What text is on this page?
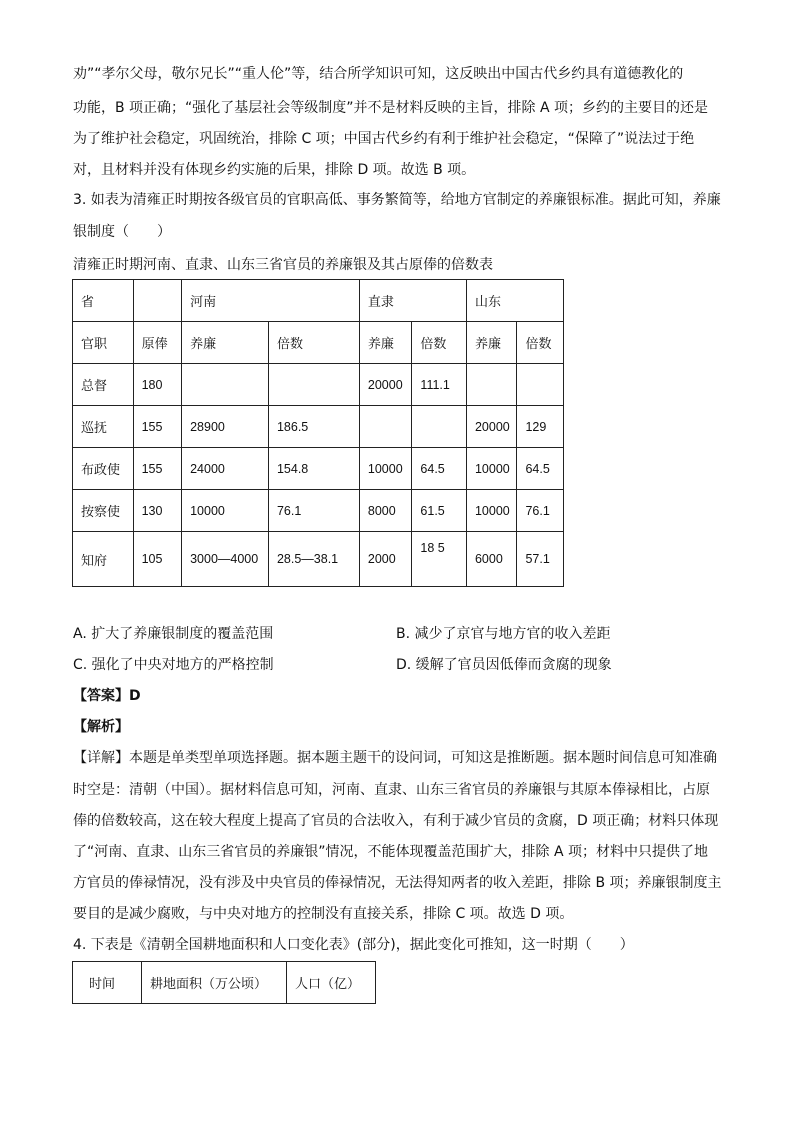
劝”“孝尔父母，敬尔兄长”“重人伦”等，结合所学知识可知，这反映出中国古代乡约具有道德教化的
功能，B 项正确；“强化了基层社会等级制度”并不是材料反映的主旨，排除 A 项；乡约的主要目的还是
为了维护社会稳定，巩固统治，排除 C 项；中国古代乡约有利于维护社会稳定，“保障了”说法过于绝
对，且材料并没有体现乡约实施的后果，排除 D 项。故选 B 项。
3. 如表为清雍正时期按各级官员的官职高低、事务繁简等，给地方官制定的养廉银标准。据此可知，养廉
银制度（　　）
清雍正时期河南、直隶、山东三省官员的养廉银及其占原俸的倍数表
省		河南		直隶		山东	
官职	原俸	养廉	倍数	养廉	倍数	养廉	倍数
总督	180			20000	111.1		
巡抚	155	28900	186.5			20000	129
布政使	155	24000	154.8	10000	64.5	10000	64.5
按察使	130	10000	76.1	8000	61.5	10000	76.1
知府	105	3000—4000	28.5—38.1	2000	18 5	6000	57.1
A. 扩大了养廉银制度的覆盖范围	B. 减少了京官与地方官的收入差距
C. 强化了中央对地方的严格控制	D. 缓解了官员因低俸而贪腐的现象
【答案】D
【解析】
【详解】本题是单类型单项选择题。据本题主题干的设问词，可知这是推断题。据本题时间信息可知准确
时空是：清朝（中国）。据材料信息可知，河南、直隶、山东三省官员的养廉银与其原本俸禄相比，占原
俸的倍数较高，这在较大程度上提高了官员的合法收入，有利于减少官员的贪腐，D 项正确；材料只体现
了“河南、直隶、山东三省官员的养廉银”情况，不能体现覆盖范围扩大，排除 A 项；材料中只提供了地
方官员的俸禄情况，没有涉及中央官员的俸禄情况，无法得知两者的收入差距，排除 B 项；养廉银制度主
要目的是减少腐败，与中央对地方的控制没有直接关系，排除 C 项。故选 D 项。
4. 下表是《清朝全国耕地面积和人口变化表》(部分)，据此变化可推知，这一时期（　　）
时间	耕地面积（万公顷）	人口（亿）
